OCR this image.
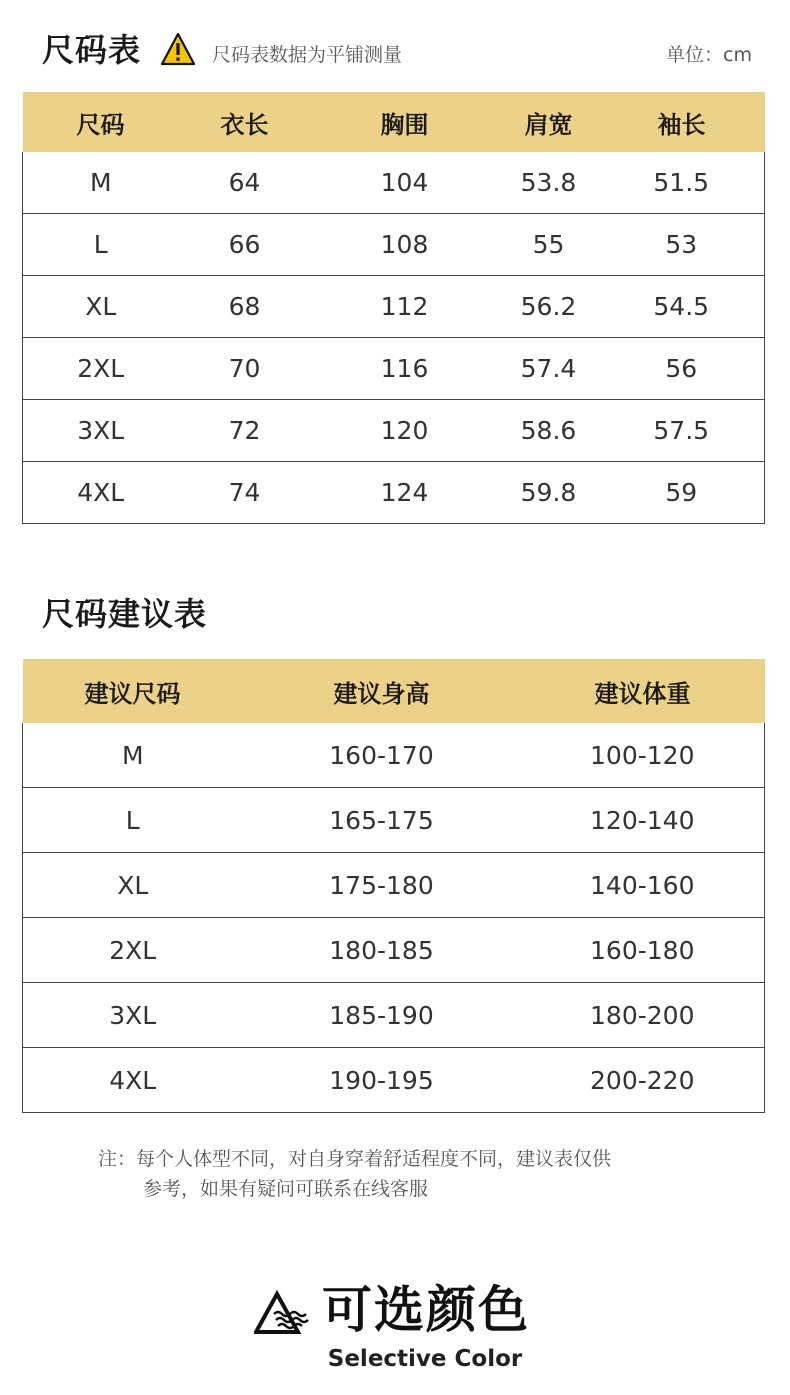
尺码表	尺码表数据为平铺测量	单位：cm
尺码	衣长	胸围	肩宽	袖长
M	64	104	53.8	51.5
L	66	108	55	53
XL	68	112	56.2	54.5
2XL	70	116	57.4	56
3XL	72	120	58.6	57.5
4XL	74	124	59.8	59
尺码建议表
建议尺码	建议身高	建议体重
M	160-170	100-120
L	165-175	120-140
XL	175-180	140-160
2XL	180-185	160-180
3XL	185-190	180-200
4XL	190-195	200-220
注：每个人体型不同，对自身穿着舒适程度不同，建议表仅供
参考，如果有疑问可联系在线客服
可选颜色
Selective Color
